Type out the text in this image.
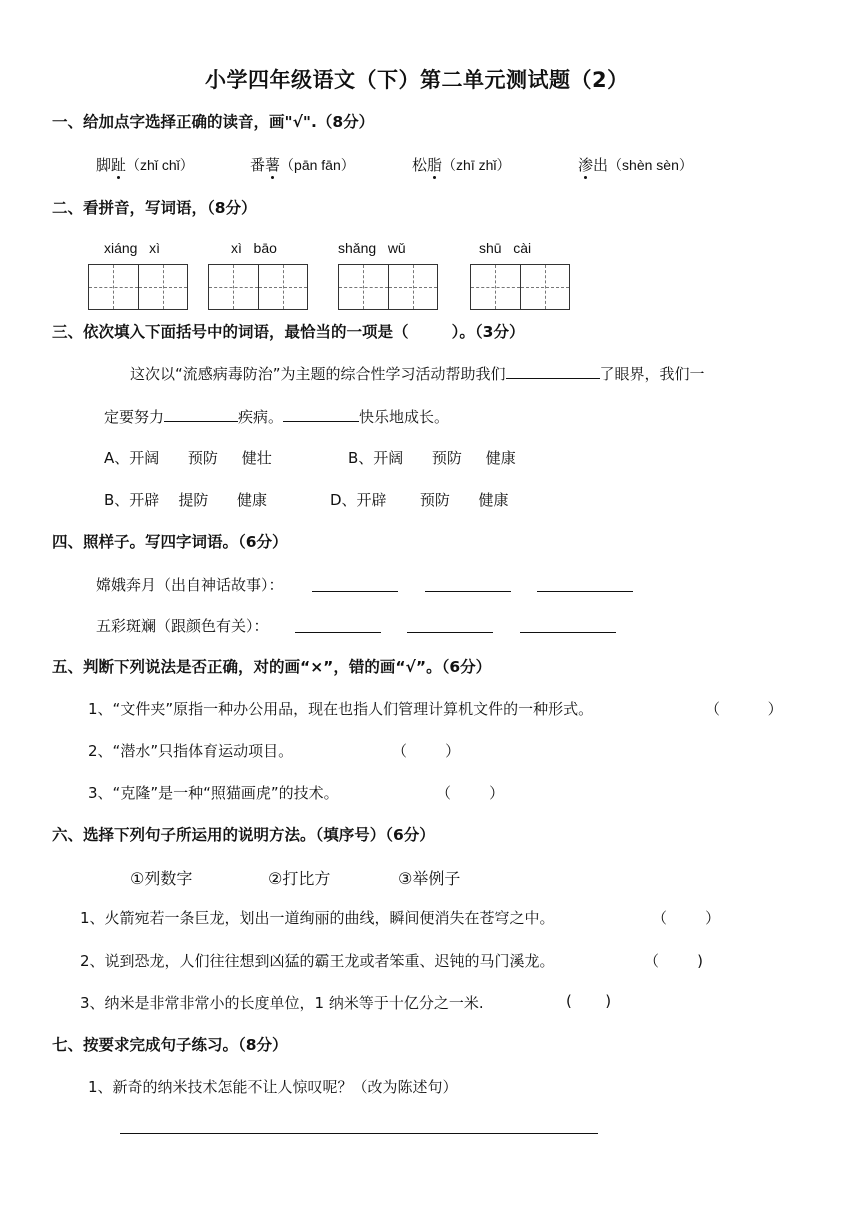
小学四年级语文（下）第二单元测试题（2）
一、给加点字选择正确的读音，画"√".（8分）
脚趾（zhǐ chǐ）	番薯（pān fān）	松脂（zhī zhǐ）	渗出（shèn sèn）
二、看拼音，写词语，（8分）
xiáng   xì	xì   bāo	shǎng   wǔ	shū   cài
三、依次填入下面括号中的词语，最恰当的一项是（        ）。（3分）
这次以“流感病毒防治”为主题的综合性学习活动帮助我们	了眼界，我们一
定要努力	疾病。	快乐地成长。
A、开阔      预防     健壮	B、开阔      预防     健康
B、开辟    提防      健康	D、开辟       预防      健康
四、照样子。写四字词语。（6分）
嫦娥奔月（出自神话故事）：
五彩斑斓（跟颜色有关）：
五、判断下列说法是否正确，对的画“×”，错的画“√”。（6分）
1、“文件夹”原指一种办公用品，现在也指人们管理计算机文件的一种形式。	（          ）
2、“潜水”只指体育运动项目。	（        ）
3、“克隆”是一种“照猫画虎”的技术。	（        ）
六、选择下列句子所运用的说明方法。（填序号）（6分）
①列数字	②打比方	③举例子
1、火箭宛若一条巨龙，划出一道绚丽的曲线，瞬间便消失在苍穹之中。	（        ）
2、说到恐龙，人们往往想到凶猛的霸王龙或者笨重、迟钝的马门溪龙。	（        )
3、纳米是非常非常小的长度单位，1 纳米等于十亿分之一米.	(       )
七、按要求完成句子练习。（8分）
1、新奇的纳米技术怎能不让人惊叹呢？（改为陈述句）
